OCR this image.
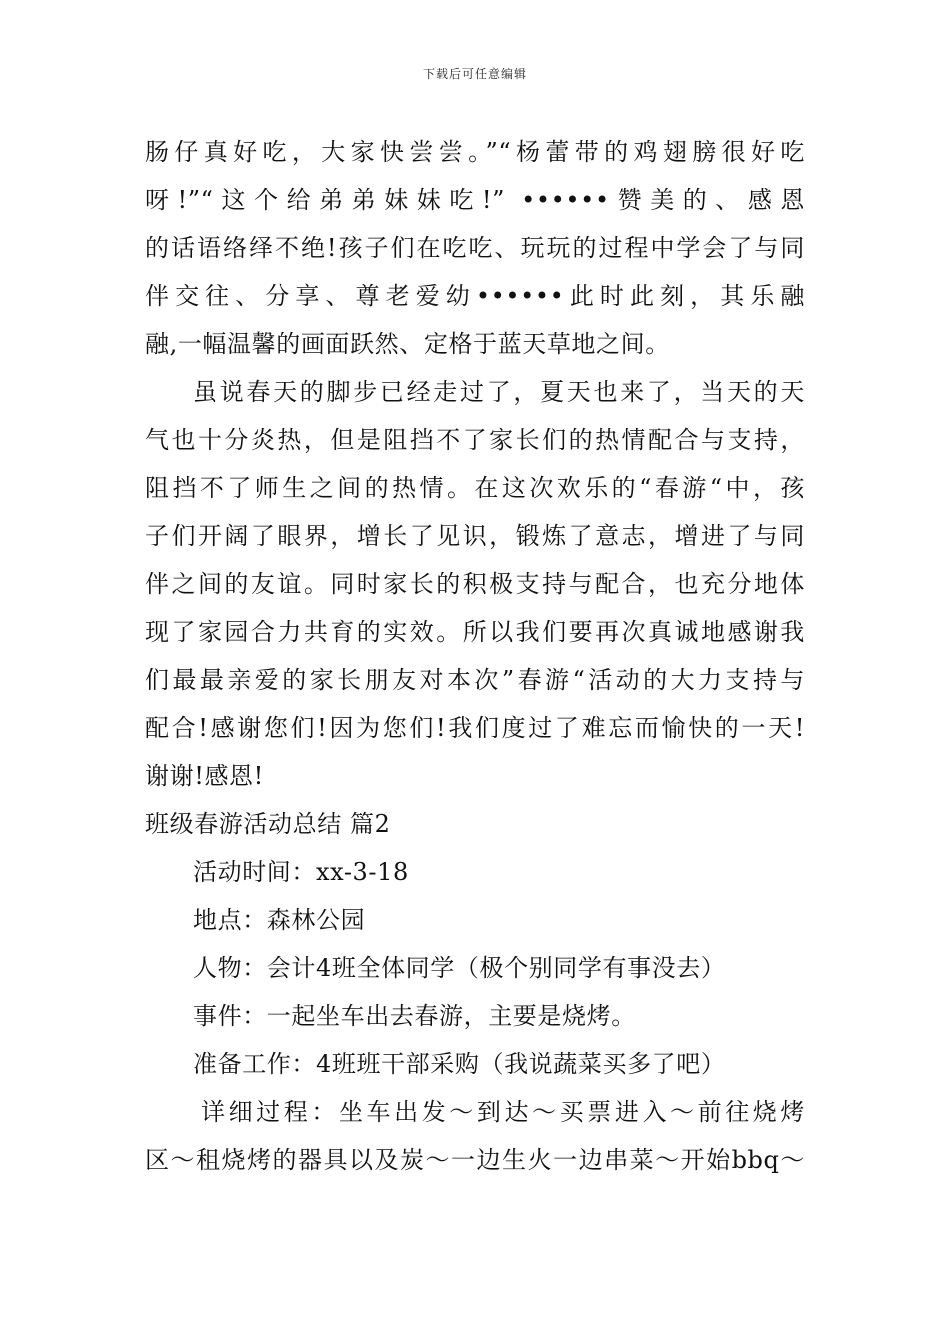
下载后可任意编辑
肠仔真好吃，大家快尝尝。”“杨蕾带的鸡翅膀很好吃
呀!”“这个给弟弟妹妹吃!” ••••••赞美的、感恩
的话语络绎不绝!孩子们在吃吃、玩玩的过程中学会了与同
伴交往、分享、尊老爱幼••••••此时此刻，其乐融
融,一幅温馨的画面跃然、定格于蓝天草地之间。
虽说春天的脚步已经走过了，夏天也来了，当天的天
气也十分炎热，但是阻挡不了家长们的热情配合与支持，
阻挡不了师生之间的热情。在这次欢乐的“春游“中，孩
子们开阔了眼界，增长了见识，锻炼了意志，增进了与同
伴之间的友谊。同时家长的积极支持与配合，也充分地体
现了家园合力共育的实效。所以我们要再次真诚地感谢我
们最最亲爱的家长朋友对本次”春游“活动的大力支持与
配合!感谢您们!因为您们!我们度过了难忘而愉快的一天!
谢谢!感恩!
班级春游活动总结 篇2
活动时间：xx-3-18
地点：森林公园
人物：会计4班全体同学（极个别同学有事没去）
事件：一起坐车出去春游，主要是烧烤。
准备工作：4班班干部采购（我说蔬菜买多了吧）
详细过程：坐车出发～到达～买票进入～前往烧烤
区～租烧烤的器具以及炭～一边生火一边串菜～开始bbq～
